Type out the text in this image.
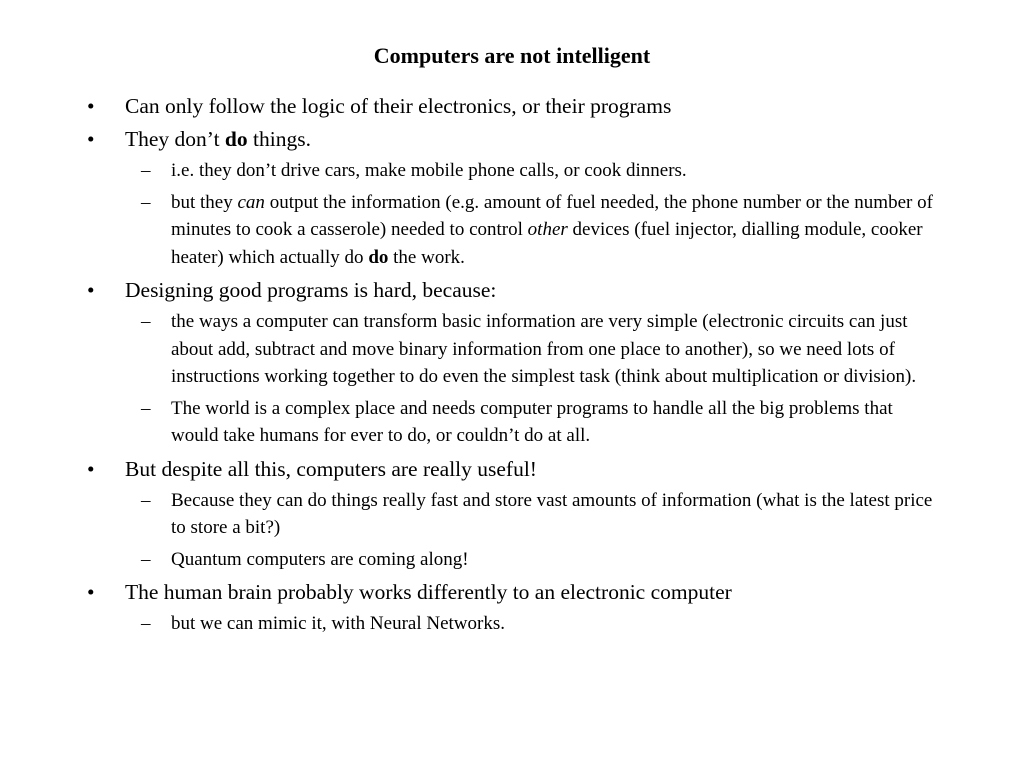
Computers are not intelligent
• Can only follow the logic of their electronics, or their programs
• They don’t do things.
– i.e. they don’t drive cars, make mobile phone calls, or cook dinners.
– but they can output the information (e.g. amount of fuel needed, the phone number or the number of minutes to cook a casserole) needed to control other devices (fuel injector, dialling module, cooker heater) which actually do do the work.
• Designing good programs is hard, because:
– the ways a computer can transform basic information are very simple (electronic circuits can just about add, subtract and move binary information from one place to another), so we need lots of instructions working together to do even the simplest task (think about multiplication or division).
– The world is a complex place and needs computer programs to handle all the big problems that would take humans for ever to do, or couldn’t do at all.
• But despite all this, computers are really useful!
– Because they can do things really fast and store vast amounts of information (what is the latest price to store a bit?)
– Quantum computers are coming along!
• The human brain probably works differently to an electronic computer
– but we can mimic it, with Neural Networks.
